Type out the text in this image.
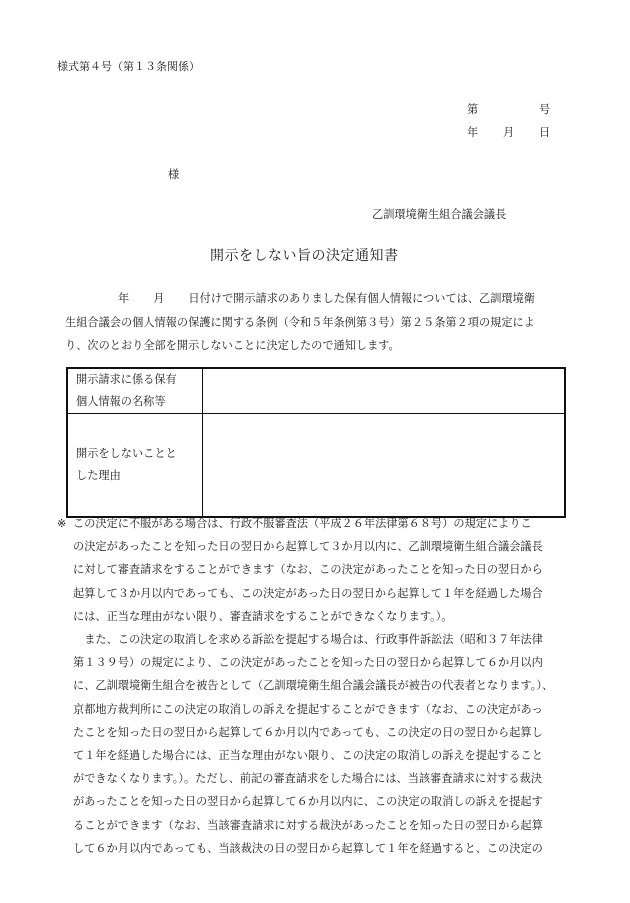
様式第４号（第１３条関係）
第	号
年 月 日
様
乙訓環境衛生組合議会議長
開示をしない旨の決定通知書

年 月 日付けで開示請求のありました保有個人情報については、乙訓環境衛

生組合議会の個人情報の保護に関する条例（令和５年条例第３号）第２５条第２項の規定によ

り、次のとおり全部を開示しないことに決定したので通知します。

開示請求に係る保有
個人情報の名称等	

開示をしないことと
した理由	

※ この決定に不服がある場合は、行政不服審査法（平成２６年法律第６８号）の規定によりこ

の決定があったことを知った日の翌日から起算して３か月以内に、乙訓環境衛生組合議会議長

に対して審査請求をすることができます（なお、この決定があったことを知った日の翌日から

起算して３か月以内であっても、この決定があった日の翌日から起算して１年を経過した場合

には、正当な理由がない限り、審査請求をすることができなくなります。）。

　また、この決定の取消しを求める訴訟を提起する場合は、行政事件訴訟法（昭和３７年法律

第１３９号）の規定により、この決定があったことを知った日の翌日から起算して６か月以内

に、乙訓環境衛生組合を被告として（乙訓環境衛生組合議会議長が被告の代表者となります。）、

京都地方裁判所にこの決定の取消しの訴えを提起することができます（なお、この決定があっ

たことを知った日の翌日から起算して６か月以内であっても、この決定の日の翌日から起算し

て１年を経過した場合には、正当な理由がない限り、この決定の取消しの訴えを提起すること

ができなくなります。）。ただし、前記の審査請求をした場合には、当該審査請求に対する裁決

があったことを知った日の翌日から起算して６か月以内に、この決定の取消しの訴えを提起す

ることができます（なお、当該審査請求に対する裁決があったことを知った日の翌日から起算

して６か月以内であっても、当該裁決の日の翌日から起算して１年を経過すると、この決定の
